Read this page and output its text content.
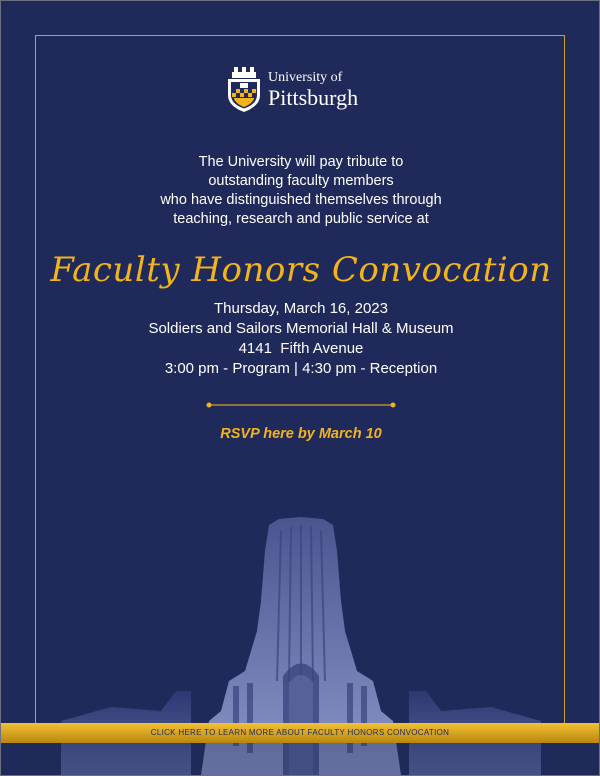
University of
Pittsburgh
The University will pay tribute to
outstanding faculty members
who have distinguished themselves through
teaching, research and public service at
Faculty Honors Convocation
Thursday, March 16, 2023
Soldiers and Sailors Memorial Hall & Museum
4141  Fifth Avenue
3:00 pm - Program | 4:30 pm - Reception
RSVP here by March 10
CLICK HERE TO LEARN MORE ABOUT FACULTY HONORS CONVOCATION
